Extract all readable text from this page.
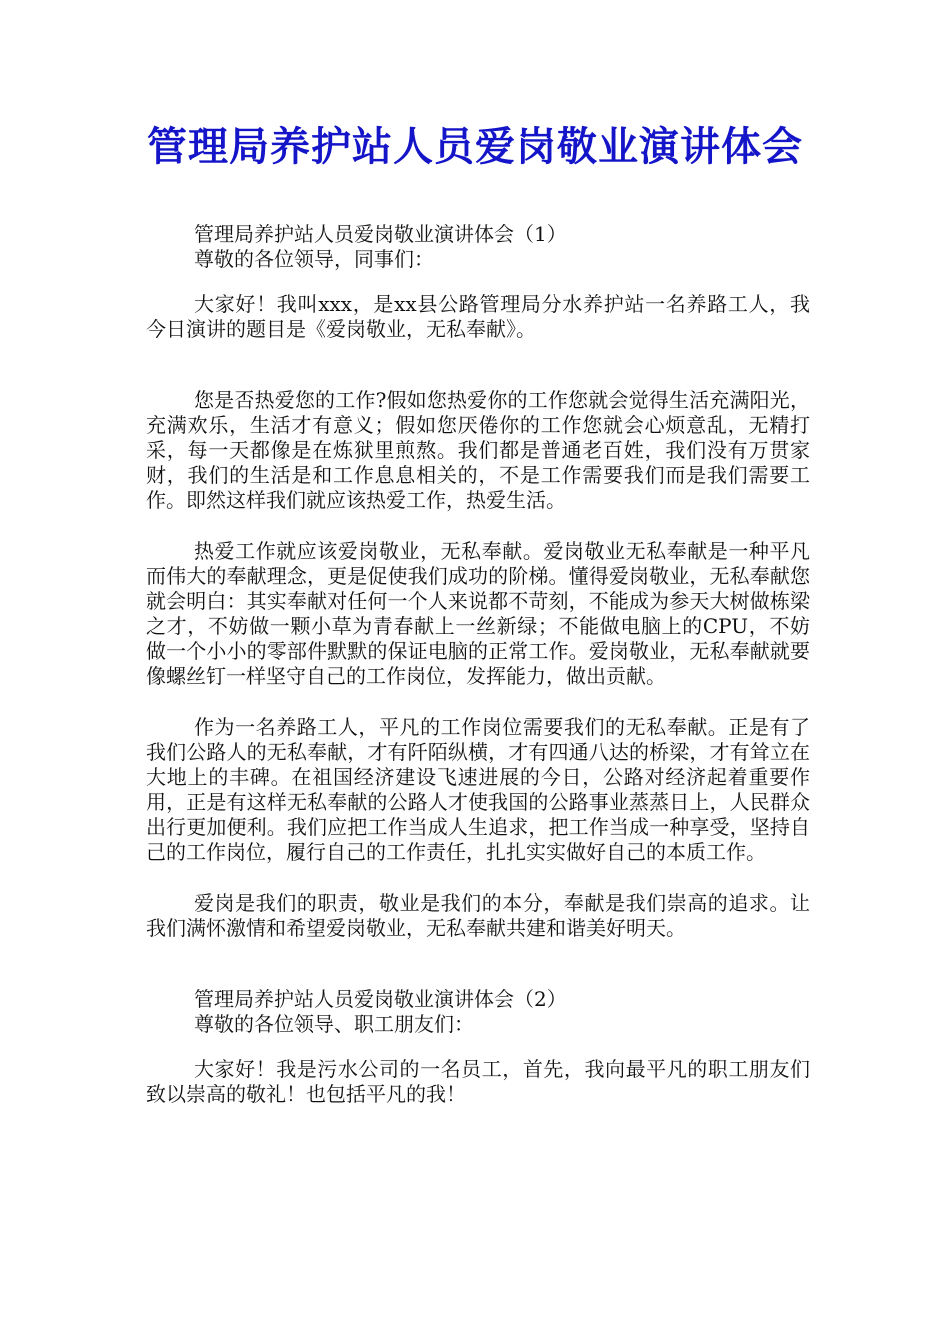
管理局养护站人员爱岗敬业演讲体会

管理局养护站人员爱岗敬业演讲体会（1）

尊敬的各位领导，同事们：

大家好！我叫xxx，是xx县公路管理局分水养护站一名养路工人，我今日演讲的题目是《爱岗敬业，无私奉献》。

您是否热爱您的工作?假如您热爱你的工作您就会觉得生活充满阳光，充满欢乐，生活才有意义；假如您厌倦你的工作您就会心烦意乱，无精打采，每一天都像是在炼狱里煎熬。我们都是普通老百姓，我们没有万贯家财，我们的生活是和工作息息相关的，不是工作需要我们而是我们需要工作。即然这样我们就应该热爱工作，热爱生活。

热爱工作就应该爱岗敬业，无私奉献。爱岗敬业无私奉献是一种平凡而伟大的奉献理念，更是促使我们成功的阶梯。懂得爱岗敬业，无私奉献您就会明白：其实奉献对任何一个人来说都不苛刻，不能成为参天大树做栋梁之才，不妨做一颗小草为青春献上一丝新绿；不能做电脑上的CPU，不妨做一个小小的零部件默默的保证电脑的正常工作。爱岗敬业，无私奉献就要像螺丝钉一样坚守自己的工作岗位，发挥能力，做出贡献。

作为一名养路工人，平凡的工作岗位需要我们的无私奉献。正是有了我们公路人的无私奉献，才有阡陌纵横，才有四通八达的桥梁，才有耸立在大地上的丰碑。在祖国经济建设飞速进展的今日，公路对经济起着重要作用，正是有这样无私奉献的公路人才使我国的公路事业蒸蒸日上，人民群众出行更加便利。我们应把工作当成人生追求，把工作当成一种享受，坚持自己的工作岗位，履行自己的工作责任，扎扎实实做好自己的本质工作。

爱岗是我们的职责，敬业是我们的本分，奉献是我们崇高的追求。让我们满怀激情和希望爱岗敬业，无私奉献共建和谐美好明天。

管理局养护站人员爱岗敬业演讲体会（2）

尊敬的各位领导、职工朋友们：

大家好！我是污水公司的一名员工，首先，我向最平凡的职工朋友们致以崇高的敬礼！也包括平凡的我！
